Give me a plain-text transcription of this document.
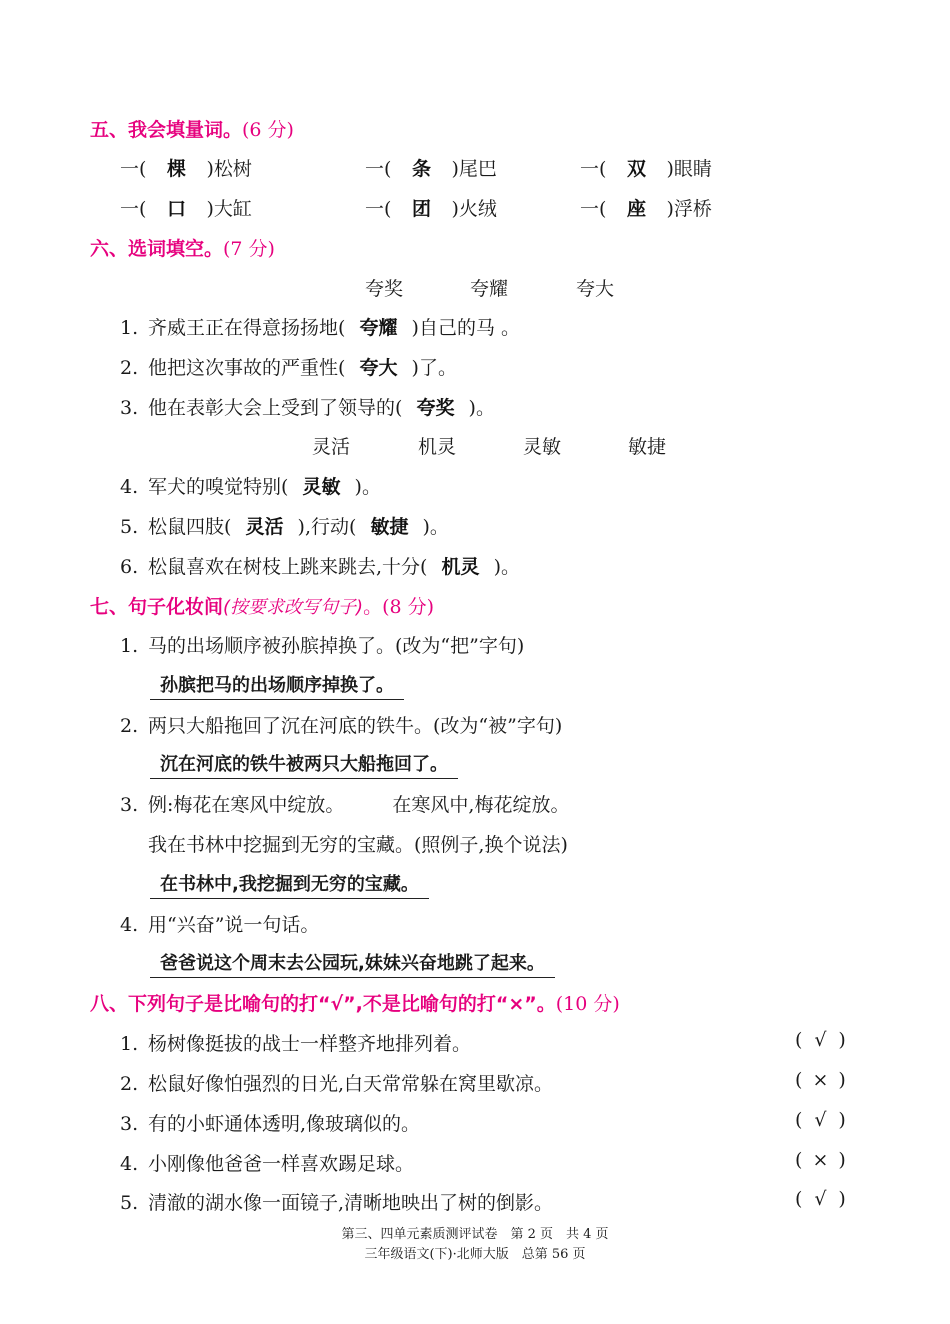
五、我会填量词。(6 分)
一( 棵 )松树	一( 条 )尾巴	一( 双 )眼睛
一( 口 )大缸	一( 团 )火绒	一( 座 )浮桥
六、选词填空。(7 分)
夸奖	夸耀	夸大
1. 齐威王正在得意扬扬地( 夸耀 )自己的马 。
2. 他把这次事故的严重性( 夸大 )了。
3. 他在表彰大会上受到了领导的( 夸奖 )。
灵活	机灵	灵敏	敏捷
4. 军犬的嗅觉特别( 灵敏 )。
5. 松鼠四肢( 灵活 ),行动( 敏捷 )。
6. 松鼠喜欢在树枝上跳来跳去,十分( 机灵 )。
七、句子化妆间(按要求改写句子)。(8 分)
1. 马的出场顺序被孙膑掉换了。(改为“把”字句)
孙膑把马的出场顺序掉换了。
2. 两只大船拖回了沉在河底的铁牛。(改为“被”字句)
沉在河底的铁牛被两只大船拖回了。
3. 例:梅花在寒风中绽放。	在寒风中,梅花绽放。
我在书林中挖掘到无穷的宝藏。(照例子,换个说法)
在书林中,我挖掘到无穷的宝藏。
4. 用“兴奋”说一句话。
爸爸说这个周末去公园玩,妹妹兴奋地跳了起来。
八、下列句子是比喻句的打“√”,不是比喻句的打“×”。(10 分)
1. 杨树像挺拔的战士一样整齐地排列着。	( √ )
2. 松鼠好像怕强烈的日光,白天常常躲在窝里歇凉。	( × )
3. 有的小虾通体透明,像玻璃似的。	( √ )
4. 小刚像他爸爸一样喜欢踢足球。	( × )
5. 清澈的湖水像一面镜子,清晰地映出了树的倒影。	( √ )
第三、四单元素质测评试卷　第 2 页　共 4 页
三年级语文(下)·北师大版　总第 56 页
